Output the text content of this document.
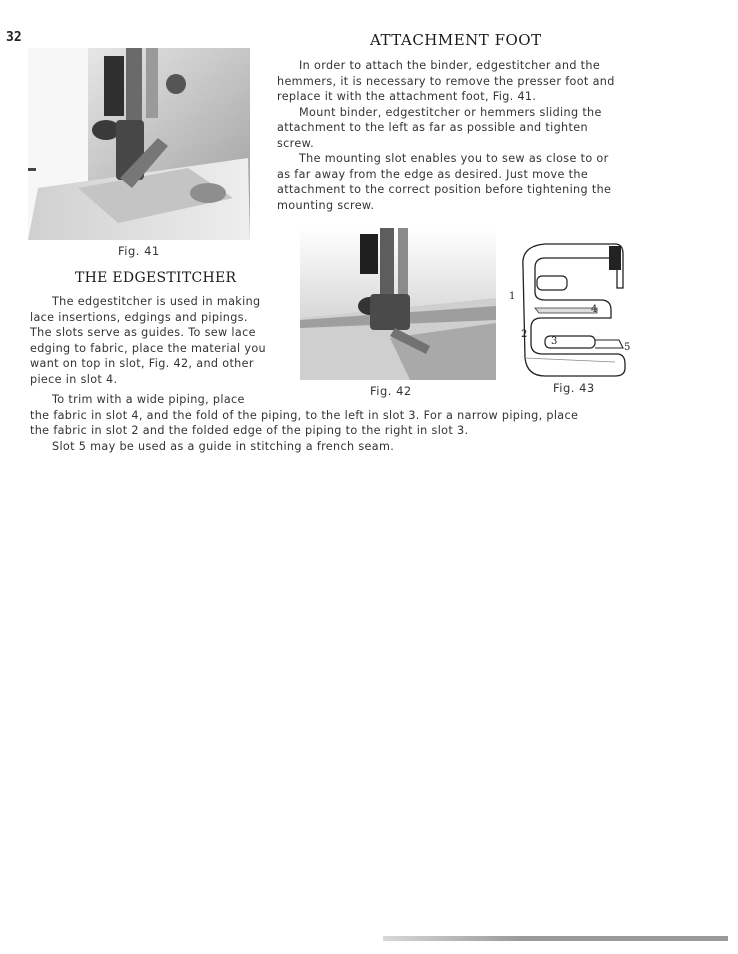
32	ATTACHMENT FOOT
Fig. 41

In order to attach the binder, edgestitcher and the

hemmers, it is necessary to remove the presser foot and

replace it with the attachment foot, Fig. 41.

Mount binder, edgestitcher or hemmers sliding the

attachment to the left as far as possible and tighten

screw.

The mounting slot enables you to sew as close to or

as far away from the edge as desired. Just move the

attachment to the correct position before tightening the

mounting screw.

THE EDGESTITCHER

The edgestitcher is used in making

lace insertions, edgings and pipings.

The slots serve as guides. To sew lace

edging to fabric, place the material you

want on top in slot, Fig. 42, and other

piece in slot 4.

Fig. 42
1
2
3
4
5
Fig. 43

To trim with a wide piping, place

the fabric in slot 4, and the fold of the piping, to the left in slot 3. For a narrow piping, place

the fabric in slot 2 and the folded edge of the piping to the right in slot 3.

Slot 5 may be used as a guide in stitching a french seam.
